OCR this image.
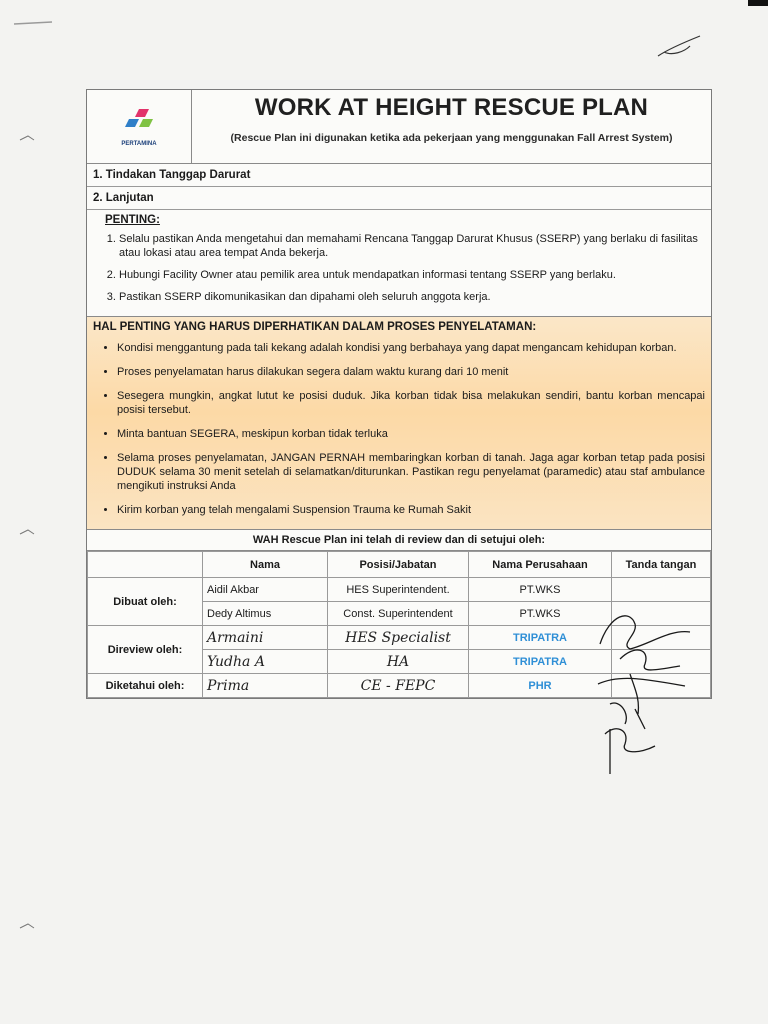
PERTAMINA
WORK AT HEIGHT RESCUE PLAN
(Rescue Plan ini digunakan ketika ada pekerjaan yang menggunakan Fall Arrest System)
1. Tindakan Tanggap Darurat
2. Lanjutan
PENTING:
1. Selalu pastikan Anda mengetahui dan memahami Rencana Tanggap Darurat Khusus (SSERP) yang berlaku di fasilitas atau lokasi atau area tempat Anda bekerja.
2. Hubungi Facility Owner atau pemilik area untuk mendapatkan informasi tentang SSERP yang berlaku.
3. Pastikan SSERP dikomunikasikan dan dipahami oleh seluruh anggota kerja.
HAL PENTING YANG HARUS DIPERHATIKAN DALAM PROSES PENYELATAMAN:
• Kondisi menggantung pada tali kekang adalah kondisi yang berbahaya yang dapat mengancam kehidupan korban.
• Proses penyelamatan harus dilakukan segera dalam waktu kurang dari 10 menit
• Sesegera mungkin, angkat lutut ke posisi duduk. Jika korban tidak bisa melakukan sendiri, bantu korban mencapai posisi tersebut.
• Minta bantuan SEGERA, meskipun korban tidak terluka
• Selama proses penyelamatan, JANGAN PERNAH membaringkan korban di tanah. Jaga agar korban tetap pada posisi DUDUK selama 30 menit setelah di selamatkan/diturunkan. Pastikan regu penyelamat (paramedic) atau staf ambulance mengikuti instruksi Anda
• Kirim korban yang telah mengalami Suspension Trauma ke Rumah Sakit
WAH Rescue Plan ini telah di review dan di setujui oleh:
	Nama	Posisi/Jabatan	Nama Perusahaan	Tanda tangan
Dibuat oleh:	Aidil Akbar	HES Superintendent.	PT.WKS	
	Dedy Altimus	Const. Superintendent	PT.WKS	
Direview oleh:	Armaini	HES Specialist	TRIPATRA	
	Yudha A	HA	TRIPATRA	
Diketahui oleh:	Prima	CE - FEPC	PHR	
